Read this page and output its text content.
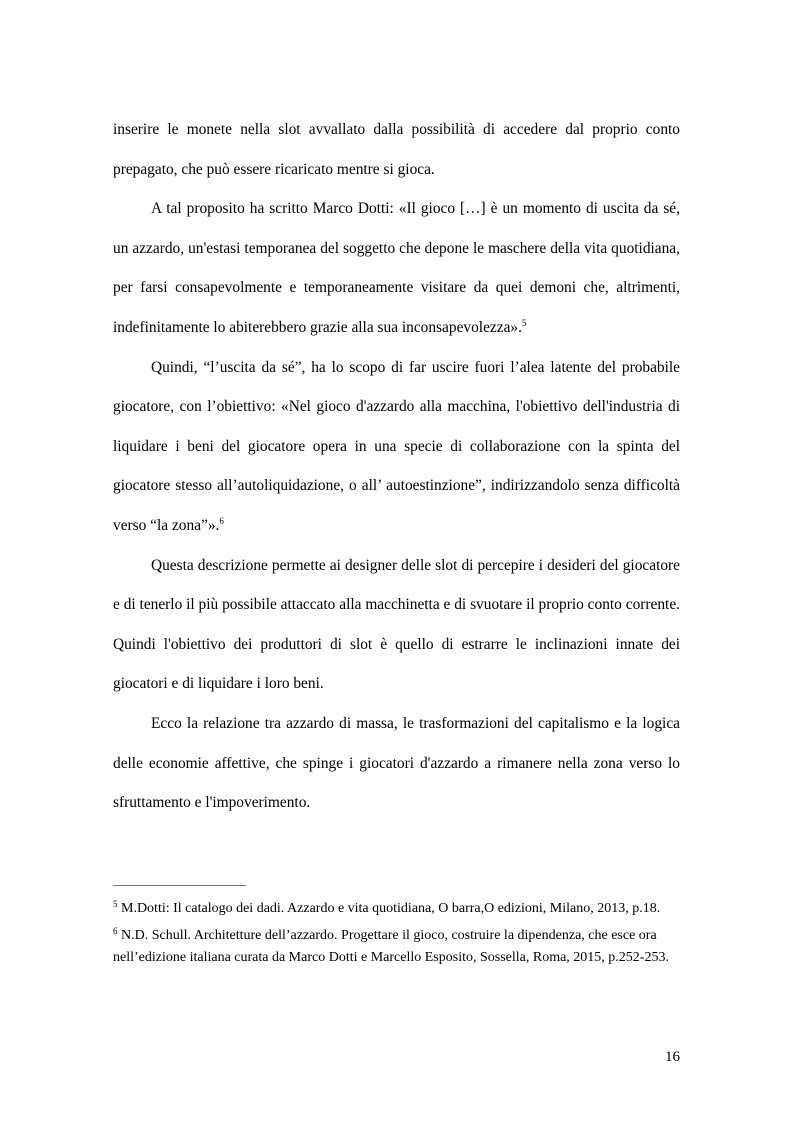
inserire le monete nella slot avvallato dalla possibilità di accedere dal proprio conto prepagato, che può essere ricaricato mentre si gioca.

A tal proposito ha scritto Marco Dotti: «Il gioco […] è un momento di uscita da sé, un azzardo, un'estasi temporanea del soggetto che depone le maschere della vita quotidiana, per farsi consapevolmente e temporaneamente visitare da quei demoni che, altrimenti, indefinitamente lo abiterebbero grazie alla sua inconsapevolezza».$^5$

Quindi, “l’uscita da sé”, ha lo scopo di far uscire fuori l’alea latente del probabile giocatore, con l’obiettivo: «Nel gioco d'azzardo alla macchina, l'obiettivo dell'industria di liquidare i beni del giocatore opera in una specie di collaborazione con la spinta del giocatore stesso all’autoliquidazione, o all’ autoestinzione”, indirizzandolo senza difficoltà verso “la zona”».$^6$

Questa descrizione permette ai designer delle slot di percepire i desideri del giocatore e di tenerlo il più possibile attaccato alla macchinetta e di svuotare il proprio conto corrente. Quindi l'obiettivo dei produttori di slot è quello di estrarre le inclinazioni innate dei giocatori e di liquidare i loro beni.

Ecco la relazione tra azzardo di massa, le trasformazioni del capitalismo e la logica delle economie affettive, che spinge i giocatori d'azzardo a rimanere nella zona verso lo sfruttamento e l'impoverimento.

$^5$ M.Dotti: Il catalogo dei dadi. Azzardo e vita quotidiana, O barra,O edizioni, Milano, 2013, p.18.

$^6$ N.D. Schull. Architetture dell’azzardo. Progettare il gioco, costruire la dipendenza, che esce ora nell’edizione italiana curata da Marco Dotti e Marcello Esposito, Sossella, Roma, 2015, p.252-253.

16
